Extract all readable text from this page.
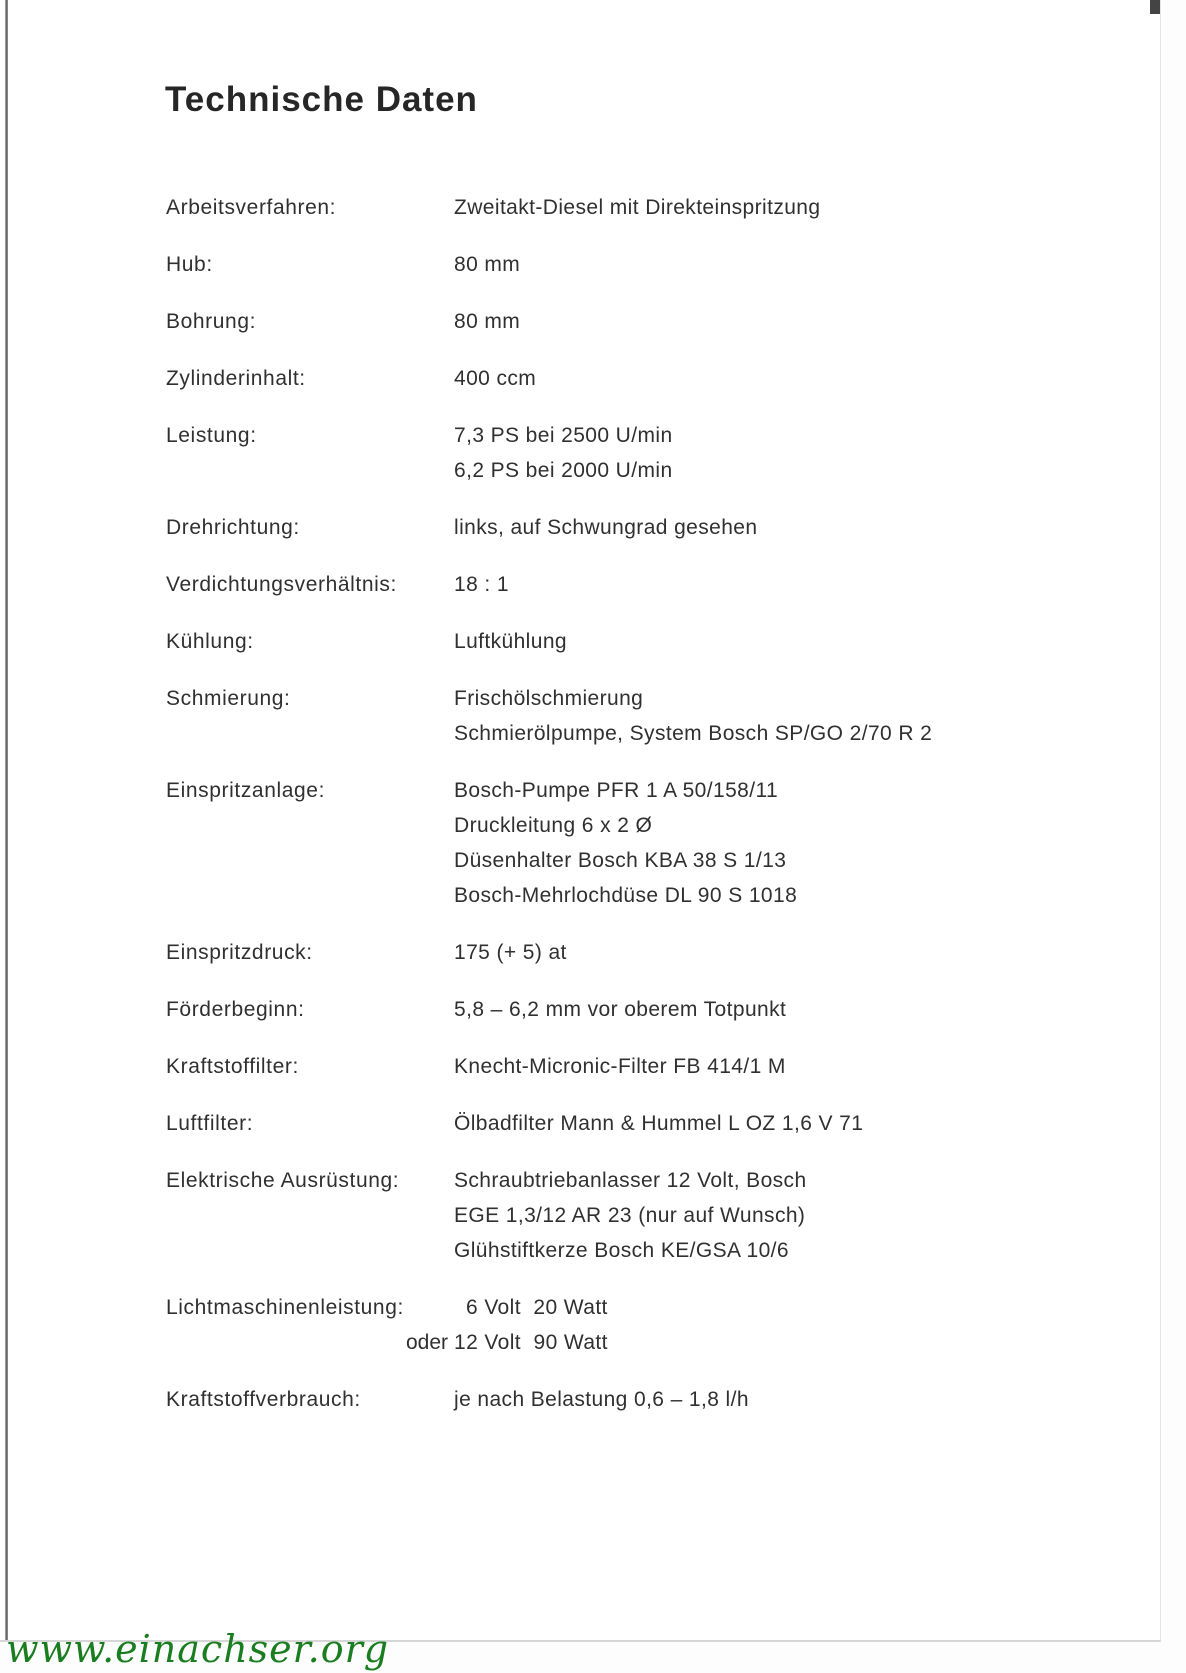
Technische Daten
Arbeitsverfahren:	Zweitakt-Diesel mit Direkteinspritzung
Hub:	80 mm
Bohrung:	80 mm
Zylinderinhalt:	400 ccm
Leistung:	7,3 PS bei 2500 U/min
6,2 PS bei 2000 U/min
Drehrichtung:	links, auf Schwungrad gesehen
Verdichtungsverhältnis:	18 : 1
Kühlung:	Luftkühlung
Schmierung:	Frischölschmierung
Schmierölpumpe, System Bosch SP/GO 2/70 R 2
Einspritzanlage:	Bosch-Pumpe PFR 1 A 50/158/11
Druckleitung 6 x 2 Ø
Düsenhalter Bosch KBA 38 S 1/13
Bosch-Mehrlochdüse DL 90 S 1018
Einspritzdruck:	175 (+ 5) at
Förderbeginn:	5,8 – 6,2 mm vor oberem Totpunkt
Kraftstoffilter:	Knecht-Micronic-Filter FB 414/1 M
Luftfilter:	Ölbadfilter Mann & Hummel L OZ 1,6 V 71
Elektrische Ausrüstung:	Schraubtriebanlasser 12 Volt, Bosch
EGE 1,3/12 AR 23 (nur auf Wunsch)
Glühstiftkerze Bosch KE/GSA 10/6
Lichtmaschinenleistung:	6 Volt  20 Watt
oder 12 Volt  90 Watt
Kraftstoffverbrauch:	je nach Belastung 0,6 – 1,8 l/h
www.einachser.org
